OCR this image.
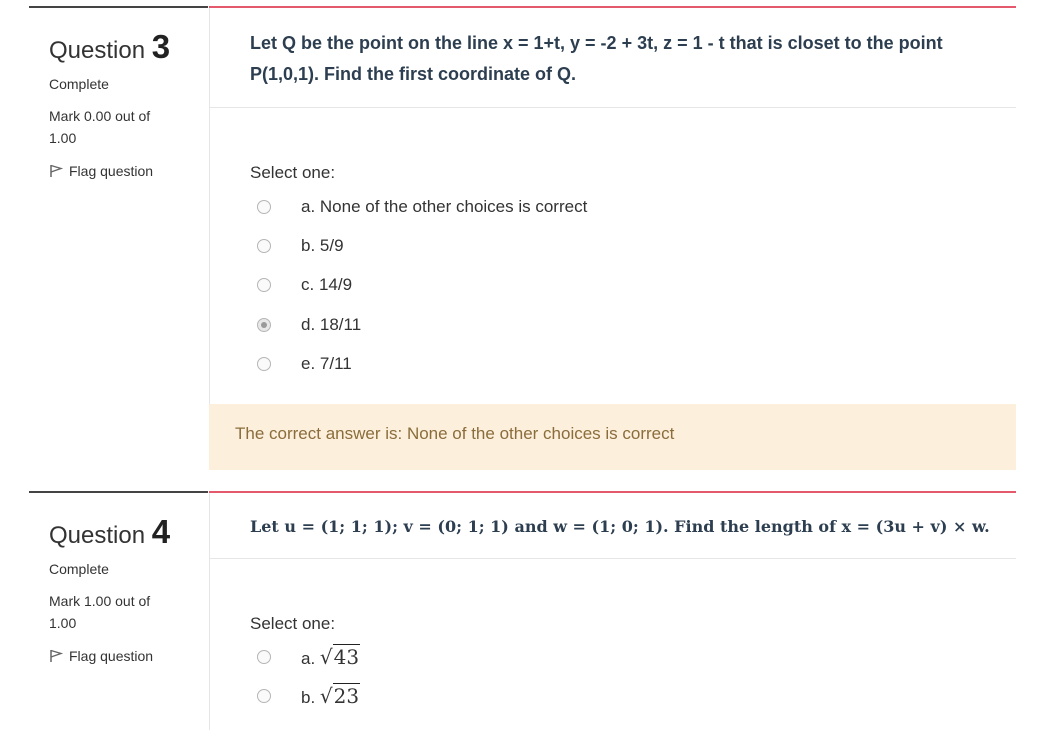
Question 3
Complete
Mark 0.00 out of 1.00
Flag question
Let Q be the point on the line x = 1+t, y = -2 + 3t, z = 1 - t that is closet to the point P(1,0,1). Find the first coordinate of Q.
Select one:
a. None of the other choices is correct
b. 5/9
c. 14/9
d. 18/11
e. 7/11
The correct answer is: None of the other choices is correct
Question 4
Complete
Mark 1.00 out of 1.00
Flag question
Let u = (1; 1; 1); v = (0; 1; 1) and w = (1; 0; 1). Find the length of x = (3u + v) × w.
Select one:
a. √43
b. √23
